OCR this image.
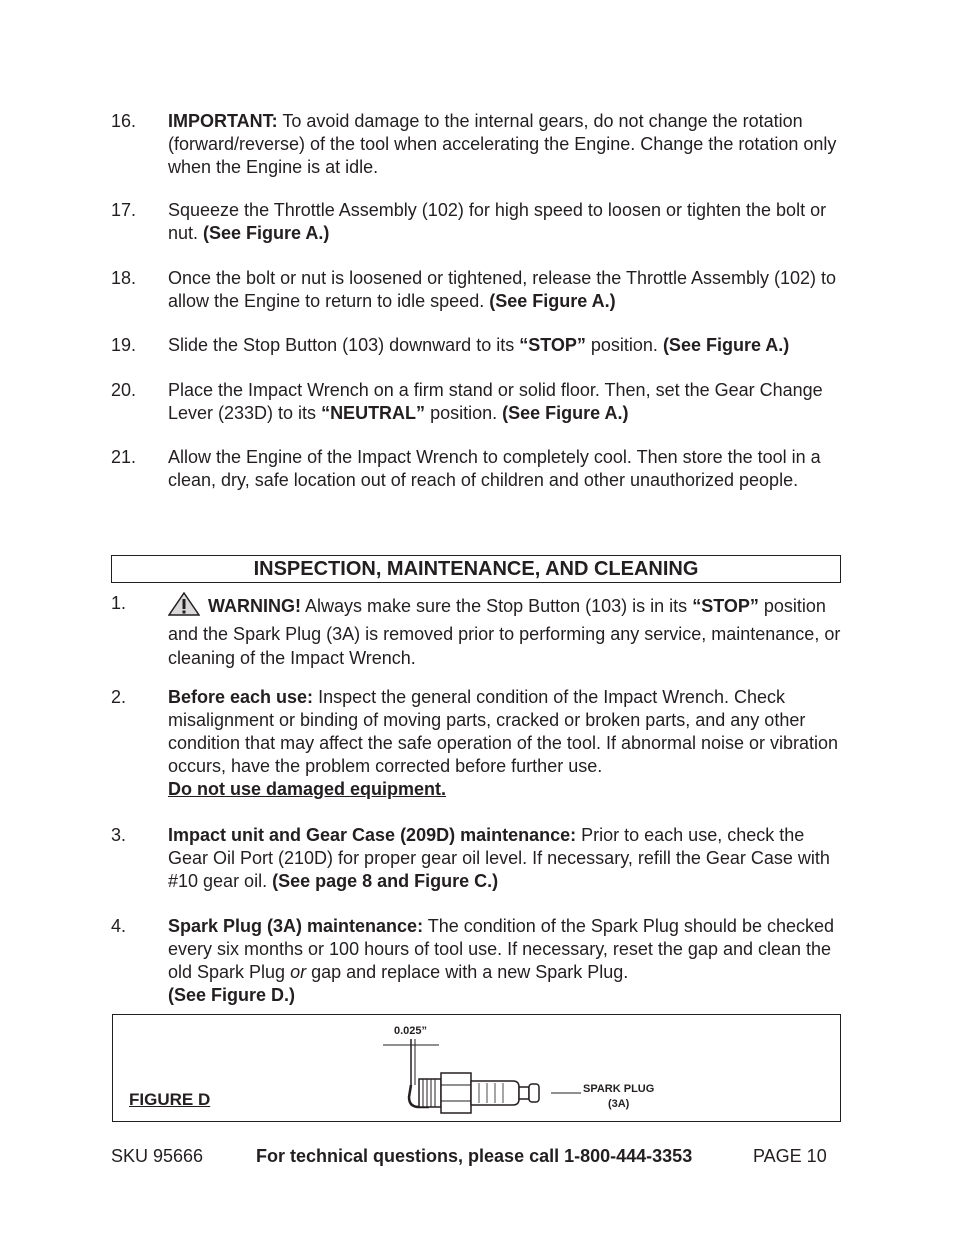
16. IMPORTANT: To avoid damage to the internal gears, do not change the rotation (forward/reverse) of the tool when accelerating the Engine. Change the rotation only when the Engine is at idle.
17. Squeeze the Throttle Assembly (102) for high speed to loosen or tighten the bolt or nut. (See Figure A.)
18. Once the bolt or nut is loosened or tightened, release the Throttle Assembly (102) to allow the Engine to return to idle speed. (See Figure A.)
19. Slide the Stop Button (103) downward to its “STOP” position. (See Figure A.)
20. Place the Impact Wrench on a firm stand or solid floor. Then, set the Gear Change Lever (233D) to its “NEUTRAL” position. (See Figure A.)
21. Allow the Engine of the Impact Wrench to completely cool. Then store the tool in a clean, dry, safe location out of reach of children and other unauthorized people.
INSPECTION, MAINTENANCE, AND CLEANING
1.	WARNING! Always make sure the Stop Button (103) is in its “STOP” position and the Spark Plug (3A) is removed prior to performing any service, maintenance, or cleaning of the Impact Wrench.
2. Before each use: Inspect the general condition of the Impact Wrench. Check misalignment or binding of moving parts, cracked or broken parts, and any other condition that may affect the safe operation of the tool. If abnormal noise or vibration occurs, have the problem corrected before further use.
Do not use damaged equipment.
3. Impact unit and Gear Case (209D) maintenance: Prior to each use, check the Gear Oil Port (210D) for proper gear oil level. If necessary, refill the Gear Case with #10 gear oil. (See page 8 and Figure C.)
4. Spark Plug (3A) maintenance: The condition of the Spark Plug should be checked every six months or 100 hours of tool use. If necessary, reset the gap and clean the old Spark Plug or gap and replace with a new Spark Plug.
(See Figure D.)
FIGURE D
0.025”
SPARK PLUG
(3A)
SKU 95666	For technical questions, please call 1-800-444-3353	PAGE 10
